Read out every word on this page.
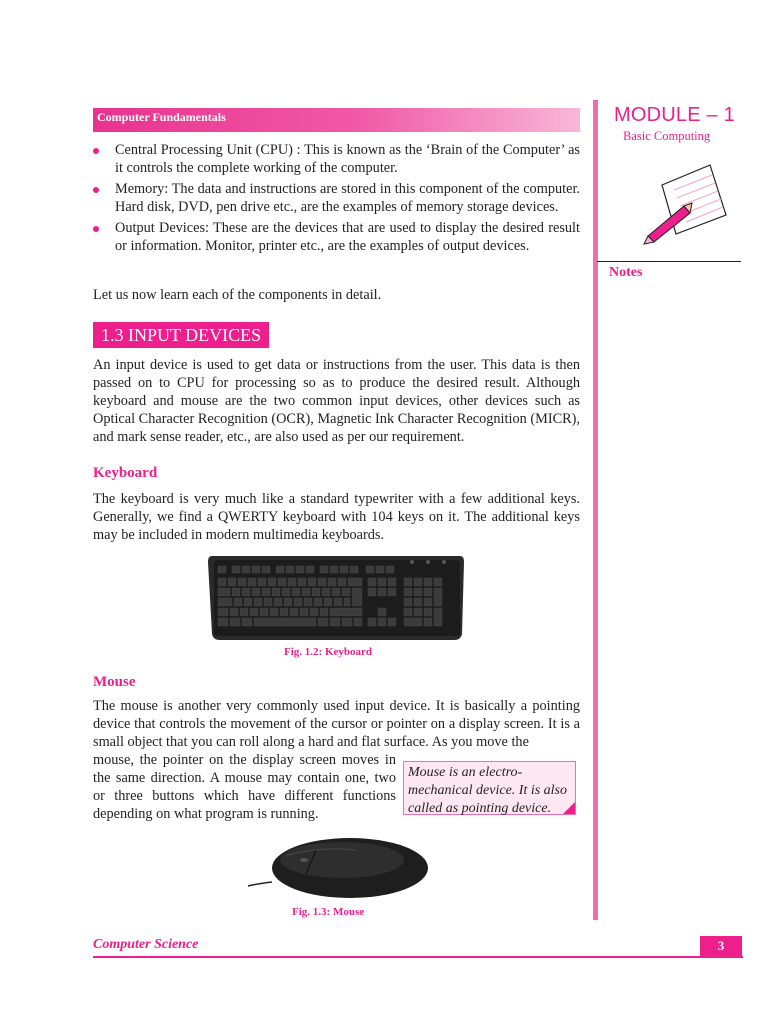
Computer Fundamentals	MODULE – 1
Basic Computing
Notes
Central Processing Unit (CPU) : This is known as the ‘Brain of the Computer’ as it controls the complete working of the computer.
Memory: The data and instructions are stored in this component of the computer. Hard disk, DVD, pen drive etc., are the examples of memory storage devices.
Output Devices: These are the devices that are used to display the desired result or information. Monitor, printer etc., are the examples of output devices.
Let us now learn each of the components in detail.
1.3 INPUT DEVICES
An input device is used to get data or instructions from the user. This data is then passed on to CPU for processing so as to produce the desired result. Although keyboard and mouse are the two common input devices, other devices such as Optical Character Recognition (OCR), Magnetic Ink Character Recognition (MICR), and mark sense reader, etc., are also used as per our requirement.
Keyboard
The keyboard is very much like a standard typewriter with a few additional keys. Generally, we find a QWERTY keyboard with 104 keys on it. The additional keys may be included in modern multimedia keyboards.
Fig. 1.2: Keyboard
Mouse
The mouse is another very commonly used input device. It is basically a pointing device that controls the movement of the cursor or pointer on a display screen. It is a small object that you can roll along a hard and flat surface. As you move the
mouse, the pointer on the display screen moves in the same direction. A mouse may contain one, two or three buttons which have different functions depending on what program is running.
Mouse is an electro-mechanical device. It is also called as pointing device.
Fig. 1.3: Mouse
Computer Science	3
